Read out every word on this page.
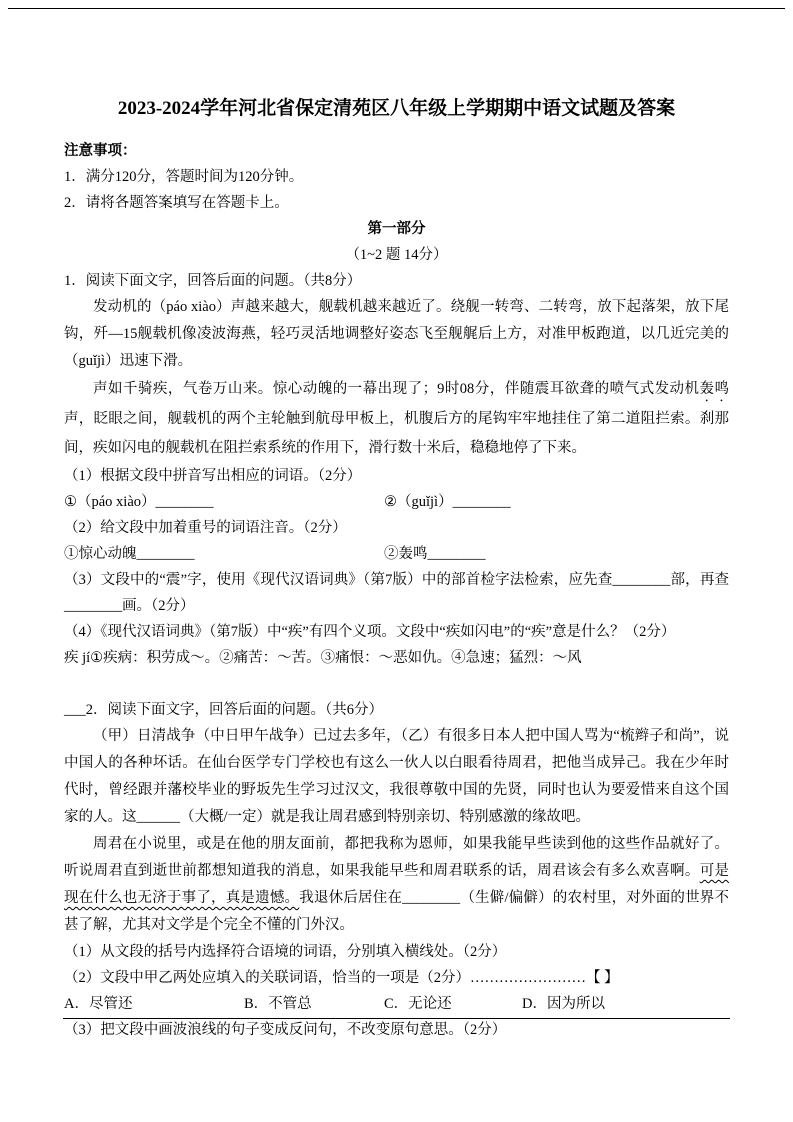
2023-2024学年河北省保定清苑区八年级上学期期中语文试题及答案

注意事项：

1．满分120分，答题时间为120分钟。

2．请将各题答案填写在答题卡上。

第一部分

（1~2 题 14分）

1．阅读下面文字，回答后面的问题。（共8分）

发动机的（páo xiào）声越来越大，舰载机越来越近了。绕舰一转弯、二转弯，放下起落架，放下尾钩，歼—15舰载机像凌波海燕，轻巧灵活地调整好姿态飞至舰艉后上方，对准甲板跑道，以几近完美的（guǐjì）迅速下滑。

声如千骑疾，气卷万山来。惊心动魄的一幕出现了；9时08分，伴随震耳欲聋的喷气式发动机轰鸣声，眨眼之间，舰载机的两个主轮触到航母甲板上，机腹后方的尾钩牢牢地挂住了第二道阻拦索。刹那间，疾如闪电的舰载机在阻拦索系统的作用下，滑行数十米后，稳稳地停了下来。

（1）根据文段中拼音写出相应的词语。（2分）

①（páo xiào）________	②（guǐjì）________

（2）给文段中加着重号的词语注音。（2分）

①惊心动魄________	②轰鸣________

（3）文段中的“震”字，使用《现代汉语词典》（第7版）中的部首检字法检索，应先查________部，再查________画。（2分）

（4）《现代汉语词典》（第7版）中“疾”有四个义项。文段中“疾如闪电”的“疾”意是什么？（2分）

疾 jí①疾病：积劳成～。②痛苦：～苦。③痛恨：～恶如仇。④急速；猛烈：～风

___2．阅读下面文字，回答后面的问题。（共6分）

（甲）日清战争（中日甲午战争）已过去多年，（乙）有很多日本人把中国人骂为“梳辫子和尚”，说中国人的各种坏话。在仙台医学专门学校也有这么一伙人以白眼看待周君，把他当成异己。我在少年时代时，曾经跟并藩校毕业的野坂先生学习过汉文，我很尊敬中国的先贤，同时也认为要爱惜来自这个国家的人。这______（大概/一定）就是我让周君感到特别亲切、特别感激的缘故吧。

周君在小说里，或是在他的朋友面前，都把我称为恩师，如果我能早些读到他的这些作品就好了。听说周君直到逝世前都想知道我的消息，如果我能早些和周君联系的话，周君该会有多么欢喜啊。可是现在什么也无济于事了，真是遗憾。我退休后居住在________（生僻/偏僻）的农村里，对外面的世界不甚了解，尤其对文学是个完全不懂的门外汉。

（1）从文段的括号内选择符合语境的词语，分别填入横线处。（2分）

（2）文段中甲乙两处应填入的关联词语，恰当的一项是（2分）……………………【 】

A．尽管还	B．不管总	C．无论还	D．因为所以

（3）把文段中画波浪线的句子变成反问句，不改变原句意思。（2分）
